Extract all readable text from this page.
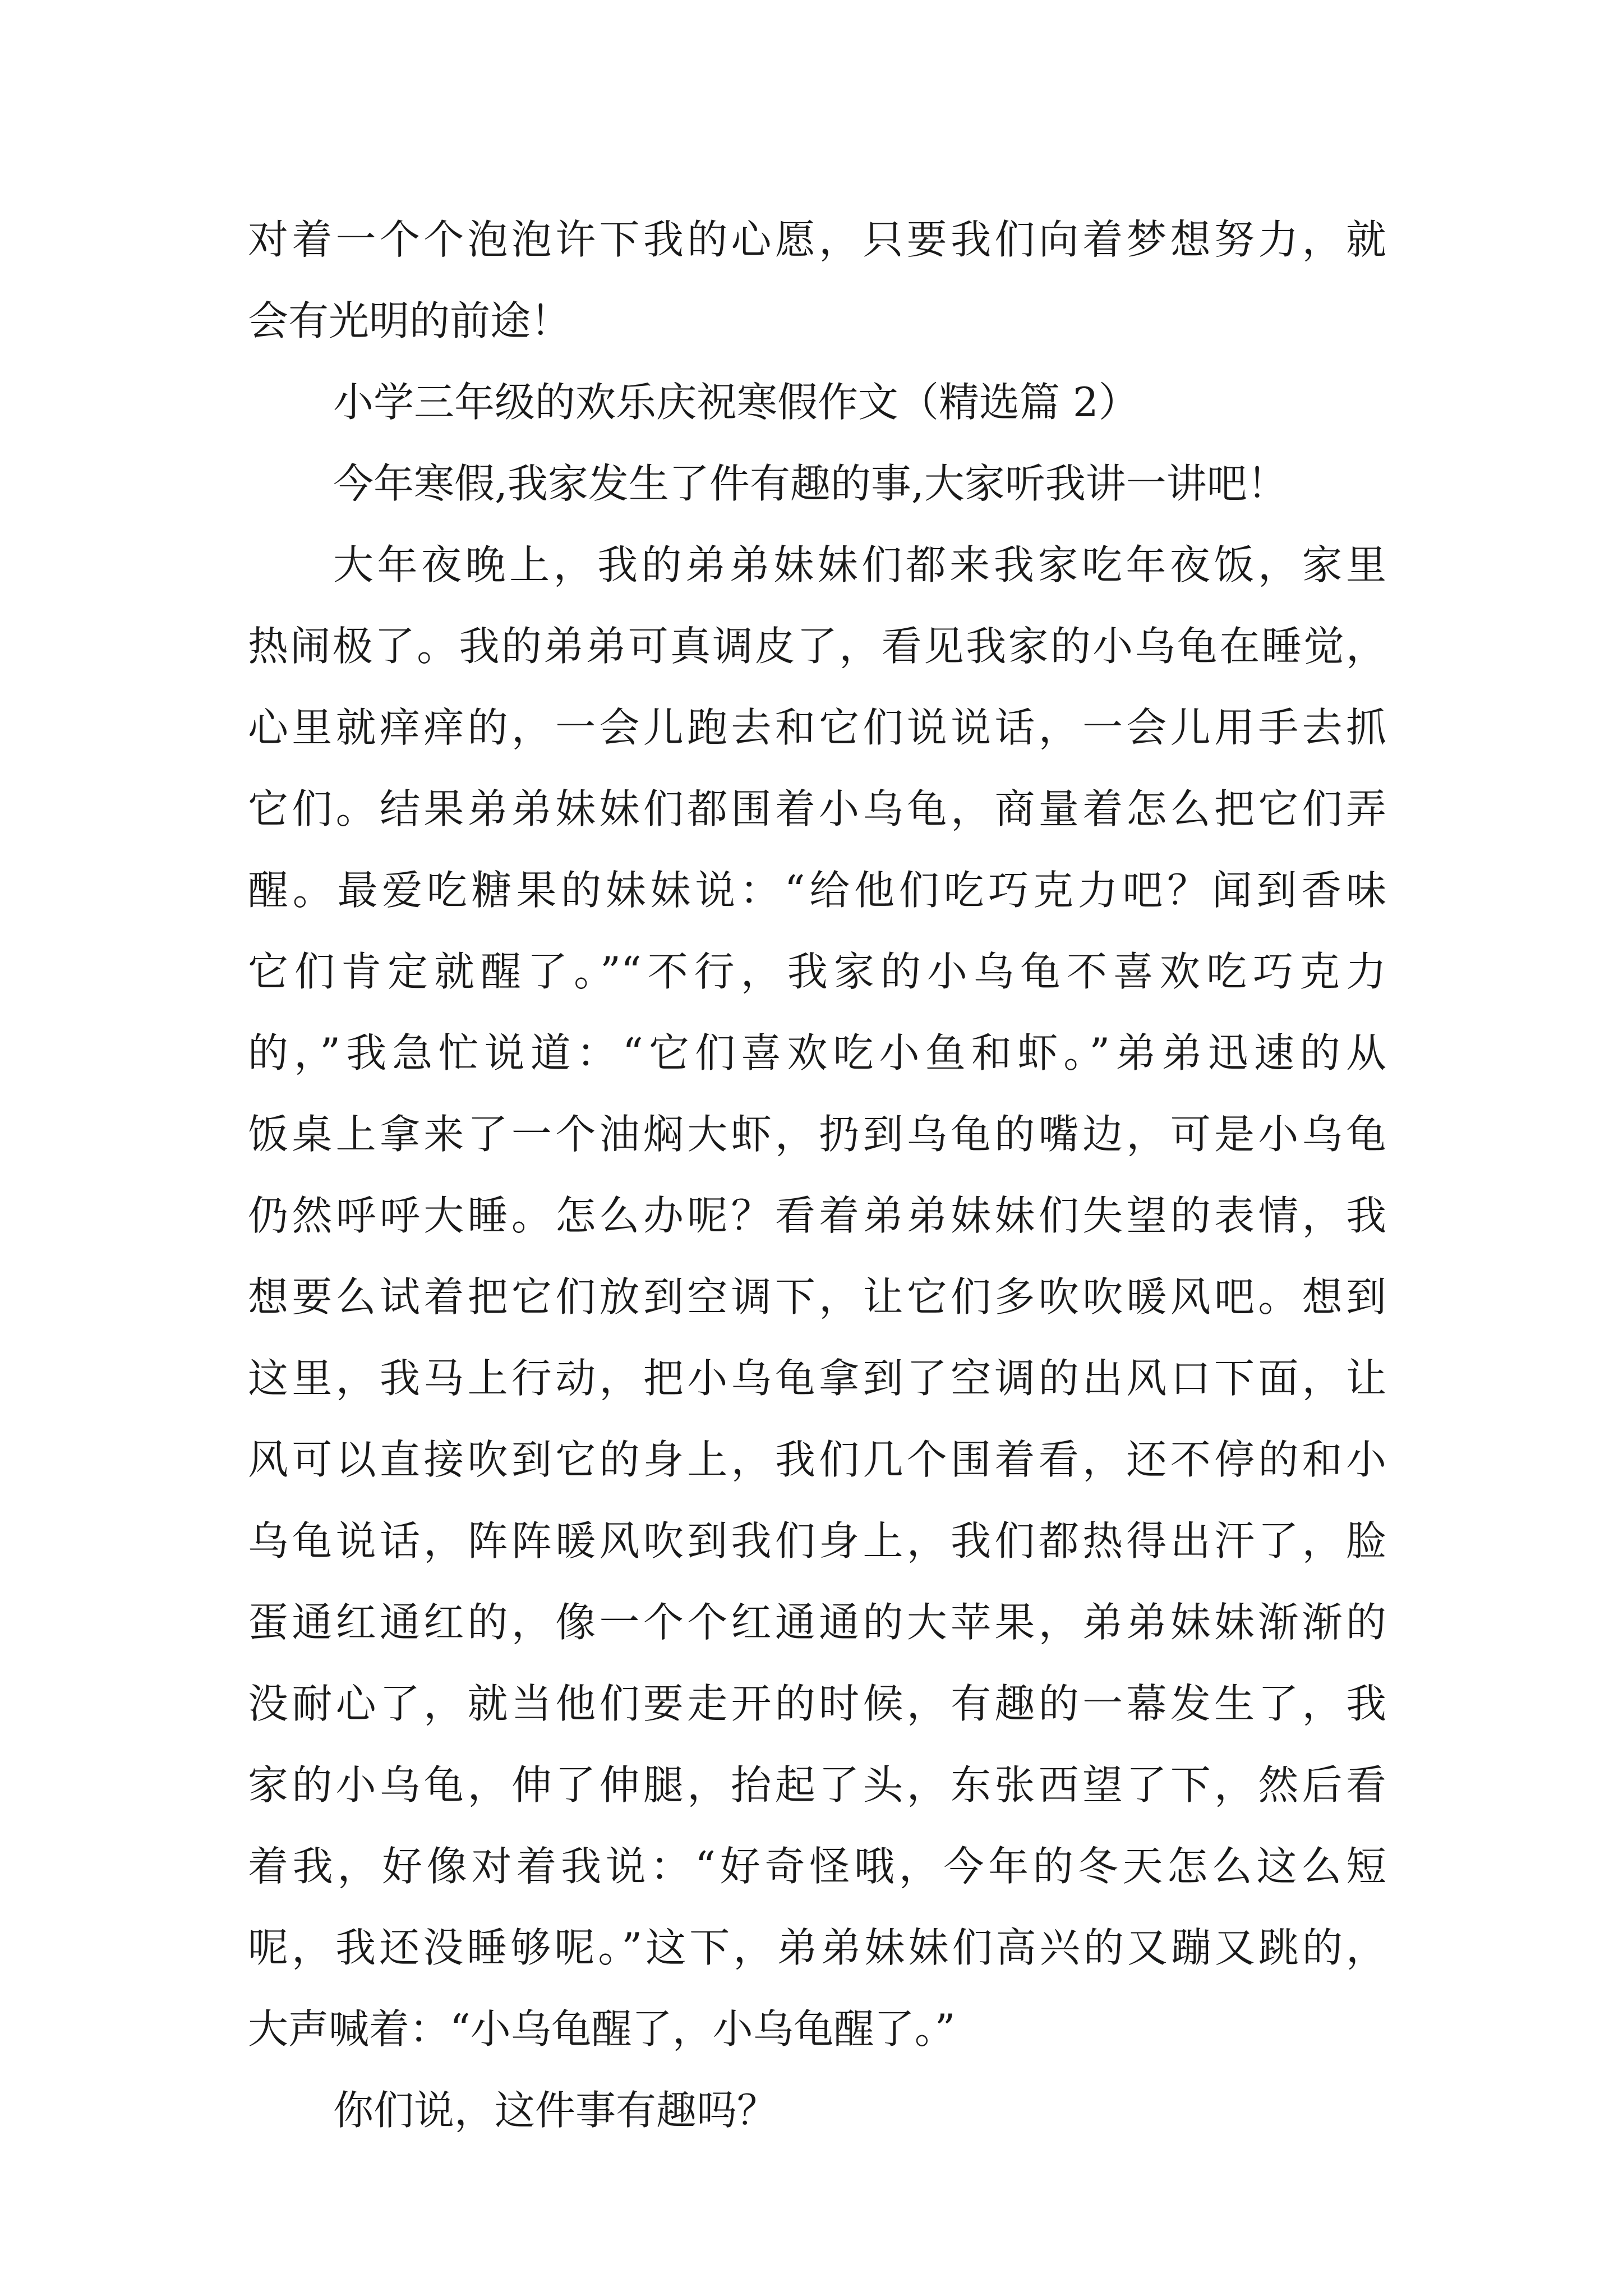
对着一个个泡泡许下我的心愿，只要我们向着梦想努力，就
会有光明的前途！
小学三年级的欢乐庆祝寒假作文（精选篇 2）
今年寒假,我家发生了件有趣的事,大家听我讲一讲吧！
大年夜晚上，我的弟弟妹妹们都来我家吃年夜饭，家里
热闹极了。我的弟弟可真调皮了，看见我家的小乌龟在睡觉，
心里就痒痒的，一会儿跑去和它们说说话，一会儿用手去抓
它们。结果弟弟妹妹们都围着小乌龟，商量着怎么把它们弄
醒。最爱吃糖果的妹妹说：“给他们吃巧克力吧？闻到香味
它们肯定就醒了。”“不行，我家的小乌龟不喜欢吃巧克力
的，”我急忙说道：“它们喜欢吃小鱼和虾。”弟弟迅速的从
饭桌上拿来了一个油焖大虾，扔到乌龟的嘴边，可是小乌龟
仍然呼呼大睡。怎么办呢？看着弟弟妹妹们失望的表情，我
想要么试着把它们放到空调下，让它们多吹吹暖风吧。想到
这里，我马上行动，把小乌龟拿到了空调的出风口下面，让
风可以直接吹到它的身上，我们几个围着看，还不停的和小
乌龟说话，阵阵暖风吹到我们身上，我们都热得出汗了，脸
蛋通红通红的，像一个个红通通的大苹果，弟弟妹妹渐渐的
没耐心了，就当他们要走开的时候，有趣的一幕发生了，我
家的小乌龟，伸了伸腿，抬起了头，东张西望了下，然后看
着我，好像对着我说：“好奇怪哦，今年的冬天怎么这么短
呢，我还没睡够呢。”这下，弟弟妹妹们高兴的又蹦又跳的，
大声喊着：“小乌龟醒了，小乌龟醒了。”
你们说，这件事有趣吗？
